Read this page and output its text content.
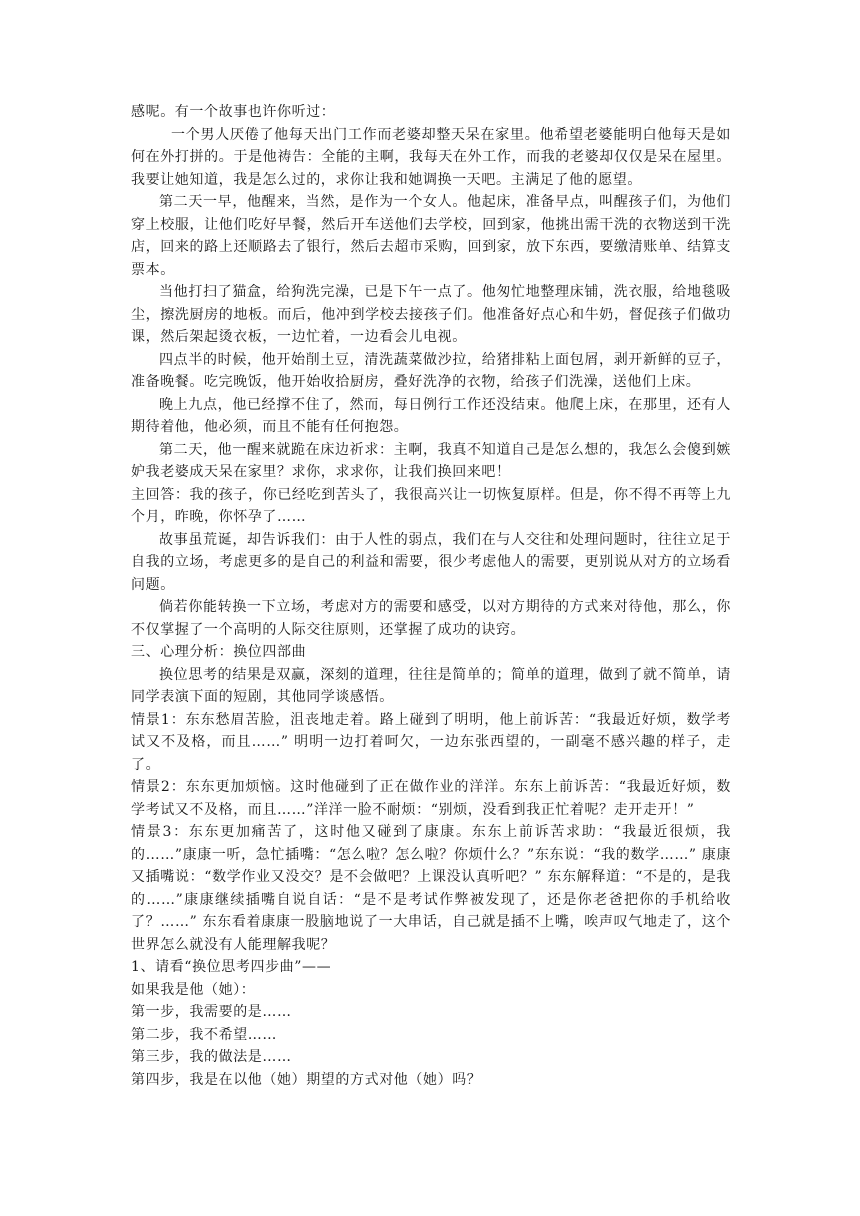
感呢。有一个故事也许你听过：

一个男人厌倦了他每天出门工作而老婆却整天呆在家里。他希望老婆能明白他每天是如何在外打拼的。于是他祷告：全能的主啊，我每天在外工作，而我的老婆却仅仅是呆在屋里。我要让她知道，我是怎么过的，求你让我和她调换一天吧。主满足了他的愿望。

第二天一早，他醒来，当然，是作为一个女人。他起床，准备早点，叫醒孩子们，为他们穿上校服，让他们吃好早餐，然后开车送他们去学校，回到家，他挑出需干洗的衣物送到干洗店，回来的路上还顺路去了银行，然后去超市采购，回到家，放下东西，要缴清账单、结算支票本。

当他打扫了猫盒，给狗洗完澡，已是下午一点了。他匆忙地整理床铺，洗衣服，给地毯吸尘，擦洗厨房的地板。而后，他冲到学校去接孩子们。他准备好点心和牛奶，督促孩子们做功课，然后架起烫衣板，一边忙着，一边看会儿电视。

四点半的时候，他开始削土豆，清洗蔬菜做沙拉，给猪排粘上面包屑，剥开新鲜的豆子，准备晚餐。吃完晚饭，他开始收拾厨房，叠好洗净的衣物，给孩子们洗澡，送他们上床。

晚上九点，他已经撑不住了，然而，每日例行工作还没结束。他爬上床，在那里，还有人期待着他，他必须，而且不能有任何抱怨。

第二天，他一醒来就跪在床边祈求：主啊，我真不知道自己是怎么想的，我怎么会傻到嫉妒我老婆成天呆在家里？求你，求求你，让我们换回来吧！

主回答：我的孩子，你已经吃到苦头了，我很高兴让一切恢复原样。但是，你不得不再等上九个月，昨晚，你怀孕了……

故事虽荒诞，却告诉我们：由于人性的弱点，我们在与人交往和处理问题时，往往立足于自我的立场，考虑更多的是自己的利益和需要，很少考虑他人的需要，更别说从对方的立场看问题。

倘若你能转换一下立场，考虑对方的需要和感受，以对方期待的方式来对待他，那么，你不仅掌握了一个高明的人际交往原则，还掌握了成功的诀窍。

三、心理分析：换位四部曲

换位思考的结果是双赢，深刻的道理，往往是简单的；简单的道理，做到了就不简单，请同学表演下面的短剧，其他同学谈感悟。

情景1：东东愁眉苦脸，沮丧地走着。路上碰到了明明，他上前诉苦：“我最近好烦，数学考试又不及格，而且……” 明明一边打着呵欠，一边东张西望的，一副毫不感兴趣的样子，走了。

情景2：东东更加烦恼。这时他碰到了正在做作业的洋洋。东东上前诉苦：“我最近好烦，数学考试又不及格，而且……”洋洋一脸不耐烦：“别烦，没看到我正忙着呢？走开走开！”

情景3：东东更加痛苦了，这时他又碰到了康康。东东上前诉苦求助：“我最近很烦，我的……”康康一听，急忙插嘴：“怎么啦？怎么啦？你烦什么？”东东说：“我的数学……” 康康又插嘴说：“数学作业又没交？是不会做吧？上课没认真听吧？” 东东解释道：“不是的，是我的……”康康继续插嘴自说自话：“是不是考试作弊被发现了，还是你老爸把你的手机给收了？……” 东东看着康康一股脑地说了一大串话，自己就是插不上嘴，唉声叹气地走了，这个世界怎么就没有人能理解我呢？

1、请看“换位思考四步曲”——

如果我是他（她）：

第一步，我需要的是……

第二步，我不希望……

第三步，我的做法是……

第四步，我是在以他（她）期望的方式对他（她）吗？
